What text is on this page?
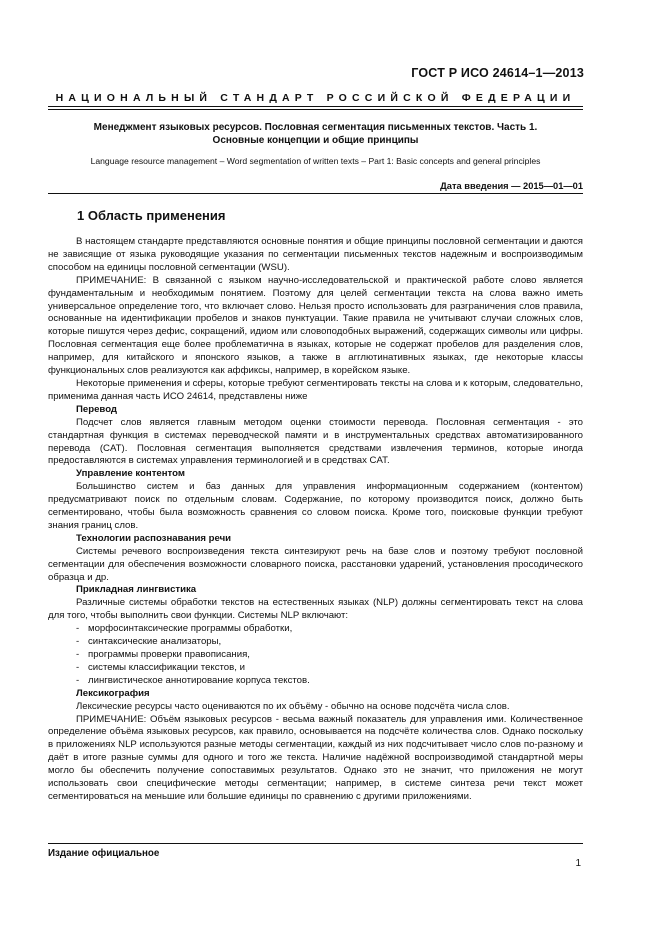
ГОСТ Р ИСО 24614–1—2013
НАЦИОНАЛЬНЫЙ СТАНДАРТ РОССИЙСКОЙ ФЕДЕРАЦИИ
Менеджмент языковых ресурсов. Пословная сегментация письменных текстов. Часть 1.
Основные концепции и общие принципы
Language resource management – Word segmentation of written texts – Part 1: Basic concepts and general principles
Дата введения — 2015—01—01
1 Область применения

В настоящем стандарте представляются основные понятия и общие принципы пословной сегментации и даются не зависящие от языка руководящие указания по сегментации письменных текстов надежным и воспроизводимым способом на единицы пословной сегментации (WSU).

ПРИМЕЧАНИЕ: В связанной с языком научно-исследовательской и практической работе слово является фундаментальным и необходимым понятием. Поэтому для целей сегментации текста на слова важно иметь универсальное определение того, что включает слово. Нельзя просто использовать для разграничения слов правила, основанные на идентификации пробелов и знаков пунктуации. Такие правила не учитывают случаи сложных слов, которые пишутся через дефис, сокращений, идиом или словоподобных выражений, содержащих символы или цифры. Пословная сегментация еще более проблематична в языках, которые не содержат пробелов для разделения слов, например, для китайского и японского языков, а также в агглютинативных языках, где некоторые классы функциональных слов реализуются как аффиксы, например, в корейском языке.

Некоторые применения и сферы, которые требуют сегментировать тексты на слова и к которым, следовательно, применима данная часть ИСО 24614, представлены ниже

Перевод

Подсчет слов является главным методом оценки стоимости перевода. Пословная сегментация - это стандартная функция в системах переводческой памяти и в инструментальных средствах автоматизированного перевода (CAT). Пословная сегментация выполняется средствами извлечения терминов, которые иногда предоставляются в системах управления терминологией и в средствах CAT.

Управление контентом

Большинство систем и баз данных для управления информационным содержанием (контентом) предусматривают поиск по отдельным словам. Содержание, по которому производится поиск, должно быть сегментировано, чтобы была возможность сравнения со словом поиска. Кроме того, поисковые функции требуют знания границ слов.

Технологии распознавания речи

Системы речевого воспроизведения текста синтезируют речь на базе слов и поэтому требуют пословной сегментации для обеспечения возможности словарного поиска, расстановки ударений, установления просодического образца и др.

Прикладная лингвистика

Различные системы обработки текстов на естественных языках (NLP) должны сегментировать текст на слова для того, чтобы выполнить свои функции. Системы NLP включают:

- морфосинтаксические программы обработки,
- синтаксические анализаторы,
- программы проверки правописания,
- системы классификации текстов, и
- лингвистическое аннотирование корпуса текстов.
Лексикография

Лексические ресурсы часто оцениваются по их объёму - обычно на основе подсчёта числа слов.

ПРИМЕЧАНИЕ: Объём языковых ресурсов - весьма важный показатель для управления ими. Количественное определение объёма языковых ресурсов, как правило, основывается на подсчёте количества слов. Однако поскольку в приложениях NLP используются разные методы сегментации, каждый из них подсчитывает число слов по-разному и даёт в итоге разные суммы для одного и того же текста. Наличие надёжной воспроизводимой стандартной меры могло бы обеспечить получение сопоставимых результатов. Однако это не значит, что приложения не могут использовать свои специфические методы сегментации; например, в системе синтеза речи текст может сегментироваться на меньшие или большие единицы по сравнению с другими приложениями.

Издание официальное
1
